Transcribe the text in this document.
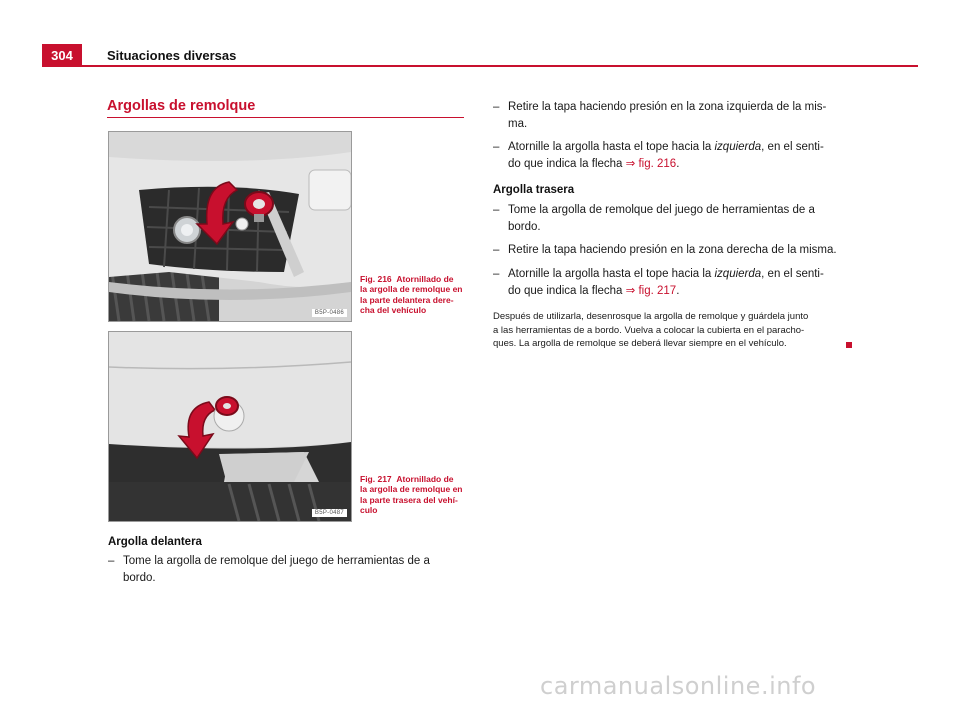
304	Situaciones diversas
Argollas de remolque
B5P-0486
Fig. 216 Atornillado de
la argolla de remolque en
la parte delantera dere-
cha del vehículo
B5P-0487
Fig. 217 Atornillado de
la argolla de remolque en
la parte trasera del vehí-
culo
Argolla delantera
– Tome la argolla de remolque del juego de herramientas de a
bordo.
– Retire la tapa haciendo presión en la zona izquierda de la mis-
ma.
– Atornille la argolla hasta el tope hacia la izquierda, en el senti-
do que indica la flecha ⇒ fig. 216.
Argolla trasera
– Tome la argolla de remolque del juego de herramientas de a
bordo.
– Retire la tapa haciendo presión en la zona derecha de la misma.
– Atornille la argolla hasta el tope hacia la izquierda, en el senti-
do que indica la flecha ⇒ fig. 217.
Después de utilizarla, desenrosque la argolla de remolque y guárdela junto
a las herramientas de a bordo. Vuelva a colocar la cubierta en el paracho-
ques. La argolla de remolque se deberá llevar siempre en el vehículo.
carmanualsonline.info
